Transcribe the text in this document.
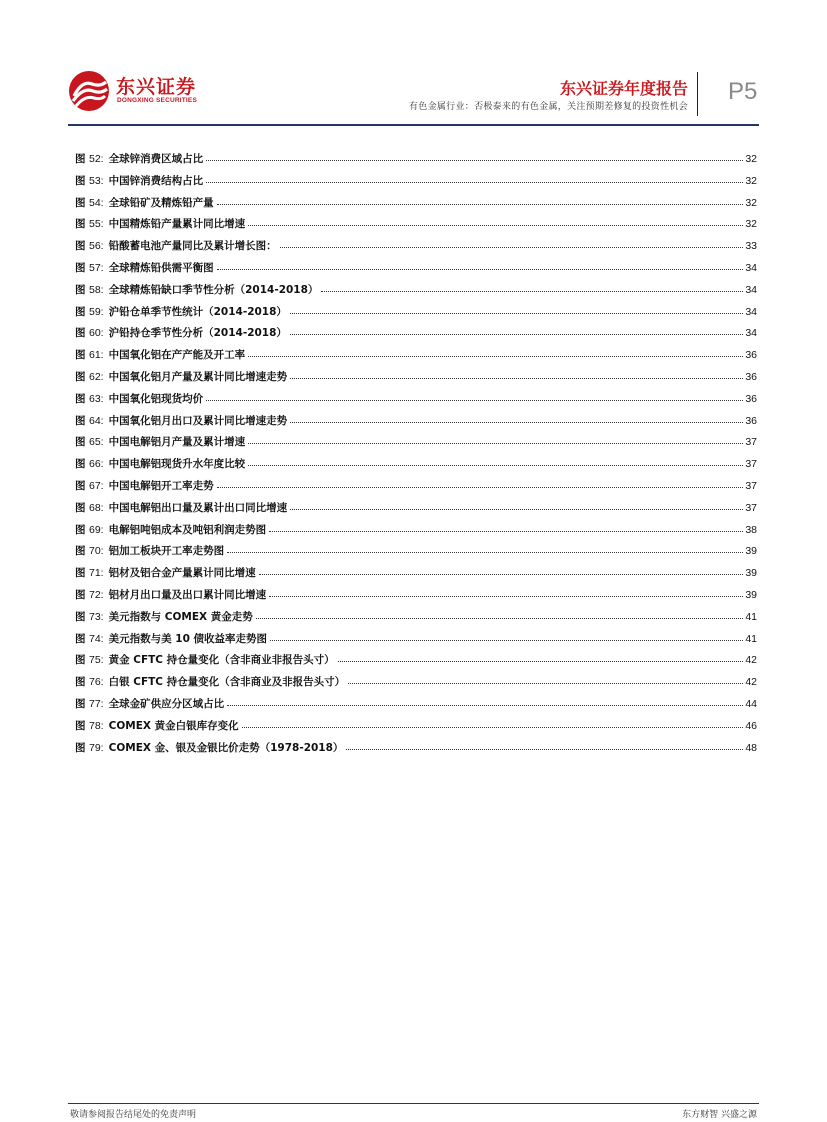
东兴证券
DONGXING SECURITIES
东兴证券年度报告
有色金属行业：否极泰来的有色金属，关注预期差修复的投资性机会
P5
图 52: 全球锌消费区域占比	32
图 53: 中国锌消费结构占比	32
图 54: 全球铅矿及精炼铅产量	32
图 55: 中国精炼铅产量累计同比增速	32
图 56: 铅酸蓄电池产量同比及累计增长图：	33
图 57: 全球精炼铅供需平衡图	34
图 58: 全球精炼铅缺口季节性分析（2014-2018）	34
图 59: 沪铅仓单季节性统计（2014-2018）	34
图 60: 沪铅持仓季节性分析（2014-2018）	34
图 61: 中国氧化铝在产产能及开工率	36
图 62: 中国氧化铝月产量及累计同比增速走势	36
图 63: 中国氧化铝现货均价	36
图 64: 中国氧化铝月出口及累计同比增速走势	36
图 65: 中国电解铝月产量及累计增速	37
图 66: 中国电解铝现货升水年度比较	37
图 67: 中国电解铝开工率走势	37
图 68: 中国电解铝出口量及累计出口同比增速	37
图 69: 电解铝吨铝成本及吨铝利润走势图	38
图 70: 铝加工板块开工率走势图	39
图 71: 铝材及铝合金产量累计同比增速	39
图 72: 铝材月出口量及出口累计同比增速	39
图 73: 美元指数与 COMEX 黄金走势	41
图 74: 美元指数与美 10 债收益率走势图	41
图 75: 黄金 CFTC 持仓量变化（含非商业非报告头寸）	42
图 76: 白银 CFTC 持仓量变化（含非商业及非报告头寸）	42
图 77: 全球金矿供应分区域占比	44
图 78: COMEX 黄金白银库存变化	46
图 79: COMEX 金、银及金银比价走势（1978-2018）	48
敬请参阅报告结尾处的免责声明	东方财智 兴盛之源
